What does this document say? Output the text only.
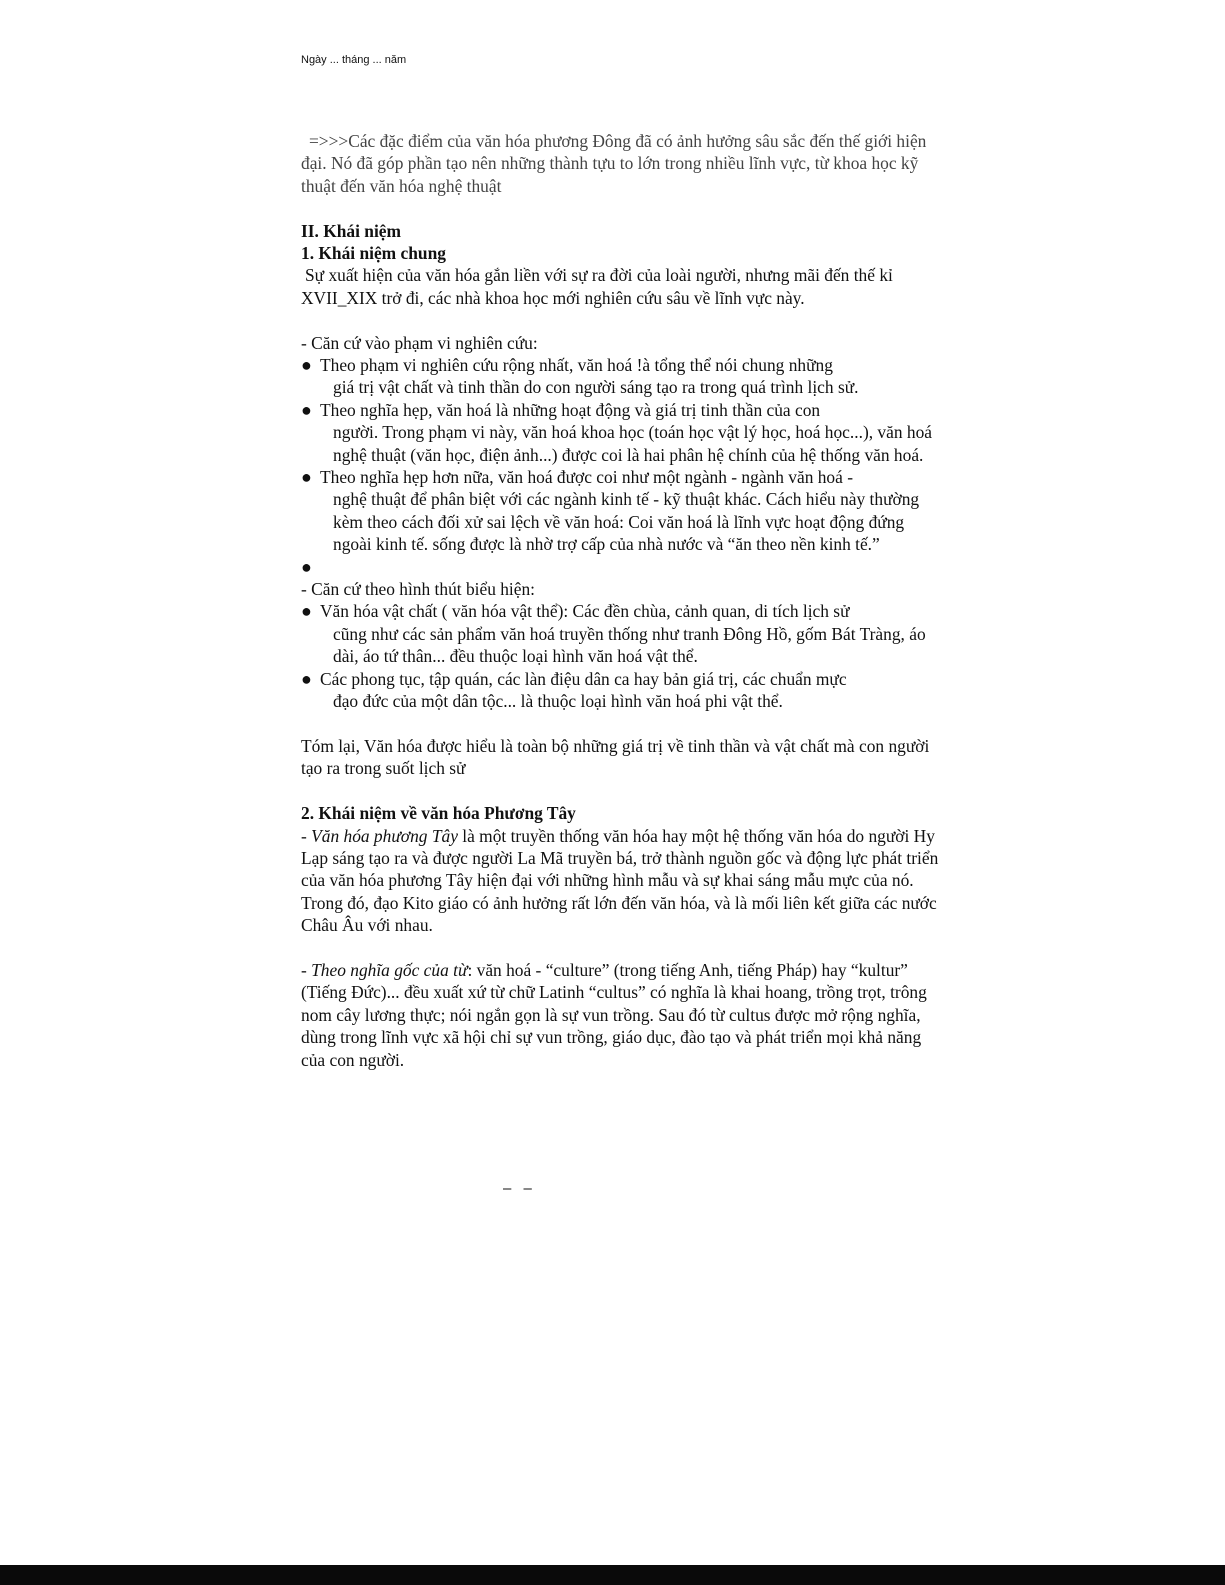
Ngày ... tháng ... năm

=>>>Các đặc điểm của văn hóa phương Đông đã có ảnh hưởng sâu sắc đến thế giới hiện đại. Nó đã góp phần tạo nên những thành tựu to lớn trong nhiều lĩnh vực, từ khoa học kỹ thuật đến văn hóa nghệ thuật

II. Khái niệm

1. Khái niệm chung

Sự xuất hiện của văn hóa gắn liền với sự ra đời của loài người, nhưng mãi đến thế kỉ XVII_XIX trở đi, các nhà khoa học mới nghiên cứu sâu về lĩnh vực này.

- Căn cứ vào phạm vi nghiên cứu:

● Theo phạm vi nghiên cứu rộng nhất, văn hoá !à tổng thể nói chung những
giá trị vật chất và tinh thần do con người sáng tạo ra trong quá trình lịch sử.
● Theo nghĩa hẹp, văn hoá là những hoạt động và giá trị tinh thần của con
người. Trong phạm vi này, văn hoá khoa học (toán học vật lý học, hoá học...), văn hoá nghệ thuật (văn học, điện ảnh...) được coi là hai phân hệ chính của hệ thống văn hoá.
● Theo nghĩa hẹp hơn nữa, văn hoá được coi như một ngành - ngành văn hoá -
nghệ thuật để phân biệt với các ngành kinh tế - kỹ thuật khác. Cách hiểu này thường kèm theo cách đối xử sai lệch về văn hoá: Coi văn hoá là lĩnh vực hoạt động đứng ngoài kinh tế. sống được là nhờ trợ cấp của nhà nước và “ăn theo nền kinh tế.”
●

- Căn cứ theo hình thút biểu hiện:

● Văn hóa vật chất ( văn hóa vật thể): Các đền chùa, cảnh quan, di tích lịch sử
cũng như các sản phẩm văn hoá truyền thống như tranh Đông Hồ, gốm Bát Tràng, áo dài, áo tứ thân... đều thuộc loại hình văn hoá vật thể.
● Các phong tục, tập quán, các làn điệu dân ca hay bản giá trị, các chuẩn mực
đạo đức của một dân tộc... là thuộc loại hình văn hoá phi vật thể.

Tóm lại, Văn hóa được hiểu là toàn bộ những giá trị về tinh thần và vật chất mà con người tạo ra trong suốt lịch sử

2. Khái niệm về văn hóa Phương Tây

- Văn hóa phương Tây là một truyền thống văn hóa hay một hệ thống văn hóa do người Hy Lạp sáng tạo ra và được người La Mã truyền bá, trở thành nguồn gốc và động lực phát triển của văn hóa phương Tây hiện đại với những hình mẫu và sự khai sáng mẫu mực của nó. Trong đó, đạo Kito giáo có ảnh hưởng rất lớn đến văn hóa, và là mối liên kết giữa các nước Châu Âu với nhau.

- Theo nghĩa gốc của từ: văn hoá - “culture” (trong tiếng Anh, tiếng Pháp) hay “kultur” (Tiếng Đức)... đều xuất xứ từ chữ Latinh “cultus” có nghĩa là khai hoang, trồng trọt, trông nom cây lương thực; nói ngắn gọn là sự vun trồng. Sau đó từ cultus được mở rộng nghĩa, dùng trong lĩnh vực xã hội chỉ sự vun trồng, giáo dục, đào tạo và phát triển mọi khả năng của con người.

– –
